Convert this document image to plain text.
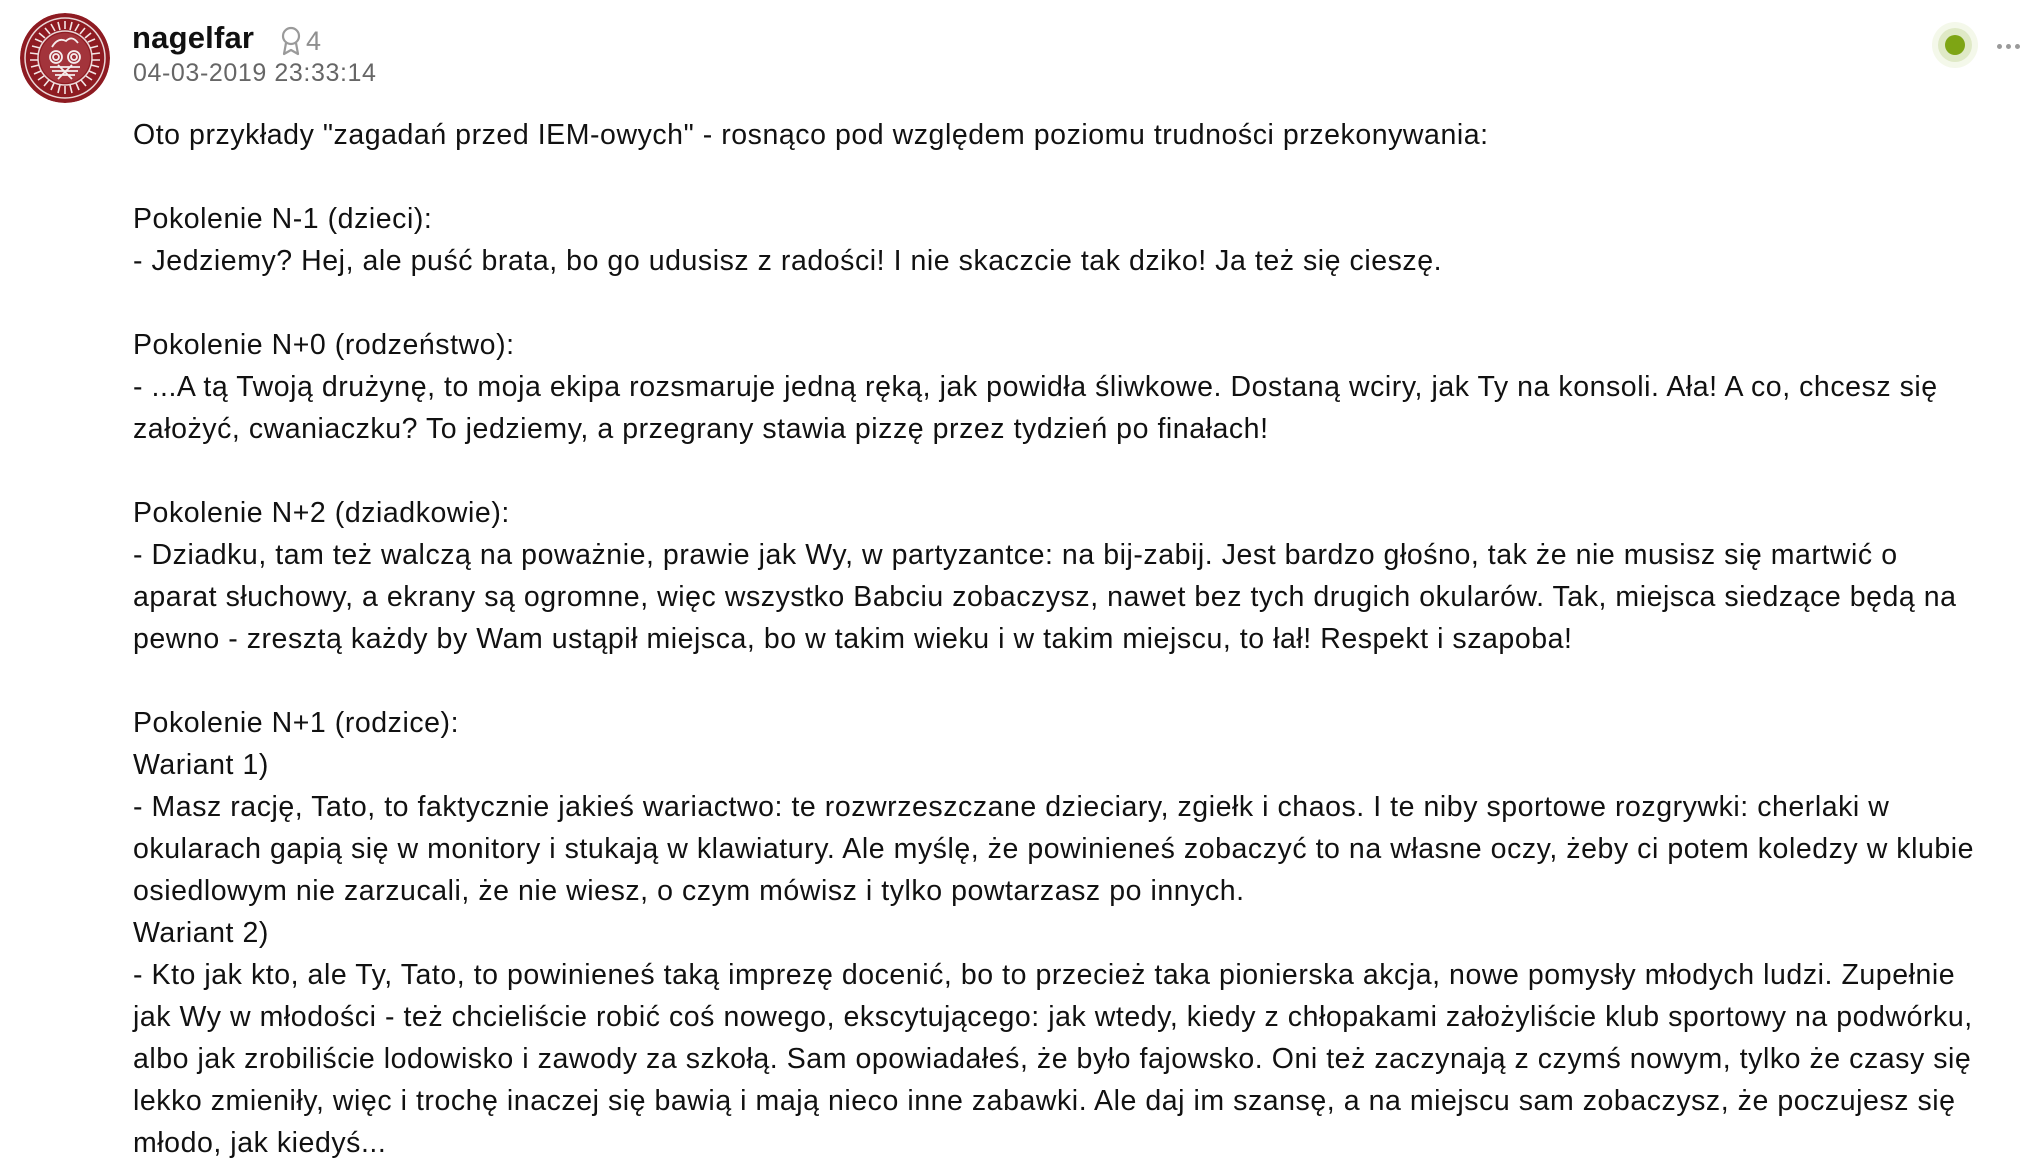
nagelfar 4
04-03-2019 23:33:14
Oto przykłady "zagadań przed IEM-owych" - rosnąco pod względem poziomu trudności przekonywania:
Pokolenie N-1 (dzieci):
- Jedziemy? Hej, ale puść brata, bo go udusisz z radości! I nie skaczcie tak dziko! Ja też się cieszę.
Pokolenie N+0 (rodzeństwo):
- ...A tą Twoją drużynę, to moja ekipa rozsmaruje jedną ręką, jak powidła śliwkowe. Dostaną wciry, jak Ty na konsoli. Ała! A co, chcesz się
założyć, cwaniaczku? To jedziemy, a przegrany stawia pizzę przez tydzień po finałach!
Pokolenie N+2 (dziadkowie):
- Dziadku, tam też walczą na poważnie, prawie jak Wy, w partyzantce: na bij-zabij. Jest bardzo głośno, tak że nie musisz się martwić o
aparat słuchowy, a ekrany są ogromne, więc wszystko Babciu zobaczysz, nawet bez tych drugich okularów. Tak, miejsca siedzące będą na
pewno - zresztą każdy by Wam ustąpił miejsca, bo w takim wieku i w takim miejscu, to łał! Respekt i szapoba!
Pokolenie N+1 (rodzice):
Wariant 1)
- Masz rację, Tato, to faktycznie jakieś wariactwo: te rozwrzeszczane dzieciary, zgiełk i chaos. I te niby sportowe rozgrywki: cherlaki w
okularach gapią się w monitory i stukają w klawiatury. Ale myślę, że powinieneś zobaczyć to na własne oczy, żeby ci potem koledzy w klubie
osiedlowym nie zarzucali, że nie wiesz, o czym mówisz i tylko powtarzasz po innych.
Wariant 2)
- Kto jak kto, ale Ty, Tato, to powinieneś taką imprezę docenić, bo to przecież taka pionierska akcja, nowe pomysły młodych ludzi. Zupełnie
jak Wy w młodości - też chcieliście robić coś nowego, ekscytującego: jak wtedy, kiedy z chłopakami założyliście klub sportowy na podwórku,
albo jak zrobiliście lodowisko i zawody za szkołą. Sam opowiadałeś, że było fajowsko. Oni też zaczynają z czymś nowym, tylko że czasy się
lekko zmieniły, więc i trochę inaczej się bawią i mają nieco inne zabawki. Ale daj im szansę, a na miejscu sam zobaczysz, że poczujesz się
młodo, jak kiedyś...
